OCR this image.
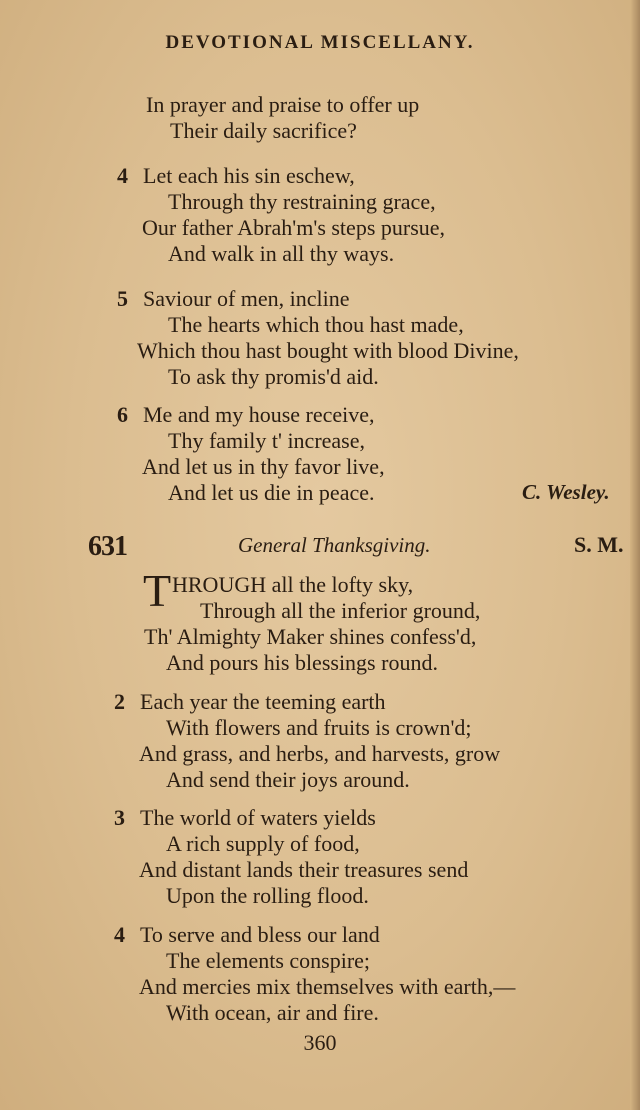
DEVOTIONAL MISCELLANY.
In prayer and praise to offer up
Their daily sacrifice?
4 Let each his sin eschew,
Through thy restraining grace,
Our father Abrah'm's steps pursue,
And walk in all thy ways.
5 Saviour of men, incline
The hearts which thou hast made,
Which thou hast bought with blood Divine,
To ask thy promis'd aid.
6 Me and my house receive,
Thy family t' increase,
And let us in thy favor live,
And let us die in peace.	C. Wesley.
631	General Thanksgiving.	S. M.
T HROUGH all the lofty sky,
Through all the inferior ground,
Th' Almighty Maker shines confess'd,
And pours his blessings round.
2 Each year the teeming earth
With flowers and fruits is crown'd;
And grass, and herbs, and harvests, grow
And send their joys around.
3 The world of waters yields
A rich supply of food,
And distant lands their treasures send
Upon the rolling flood.
4 To serve and bless our land
The elements conspire;
And mercies mix themselves with earth,—
With ocean, air and fire.
360
